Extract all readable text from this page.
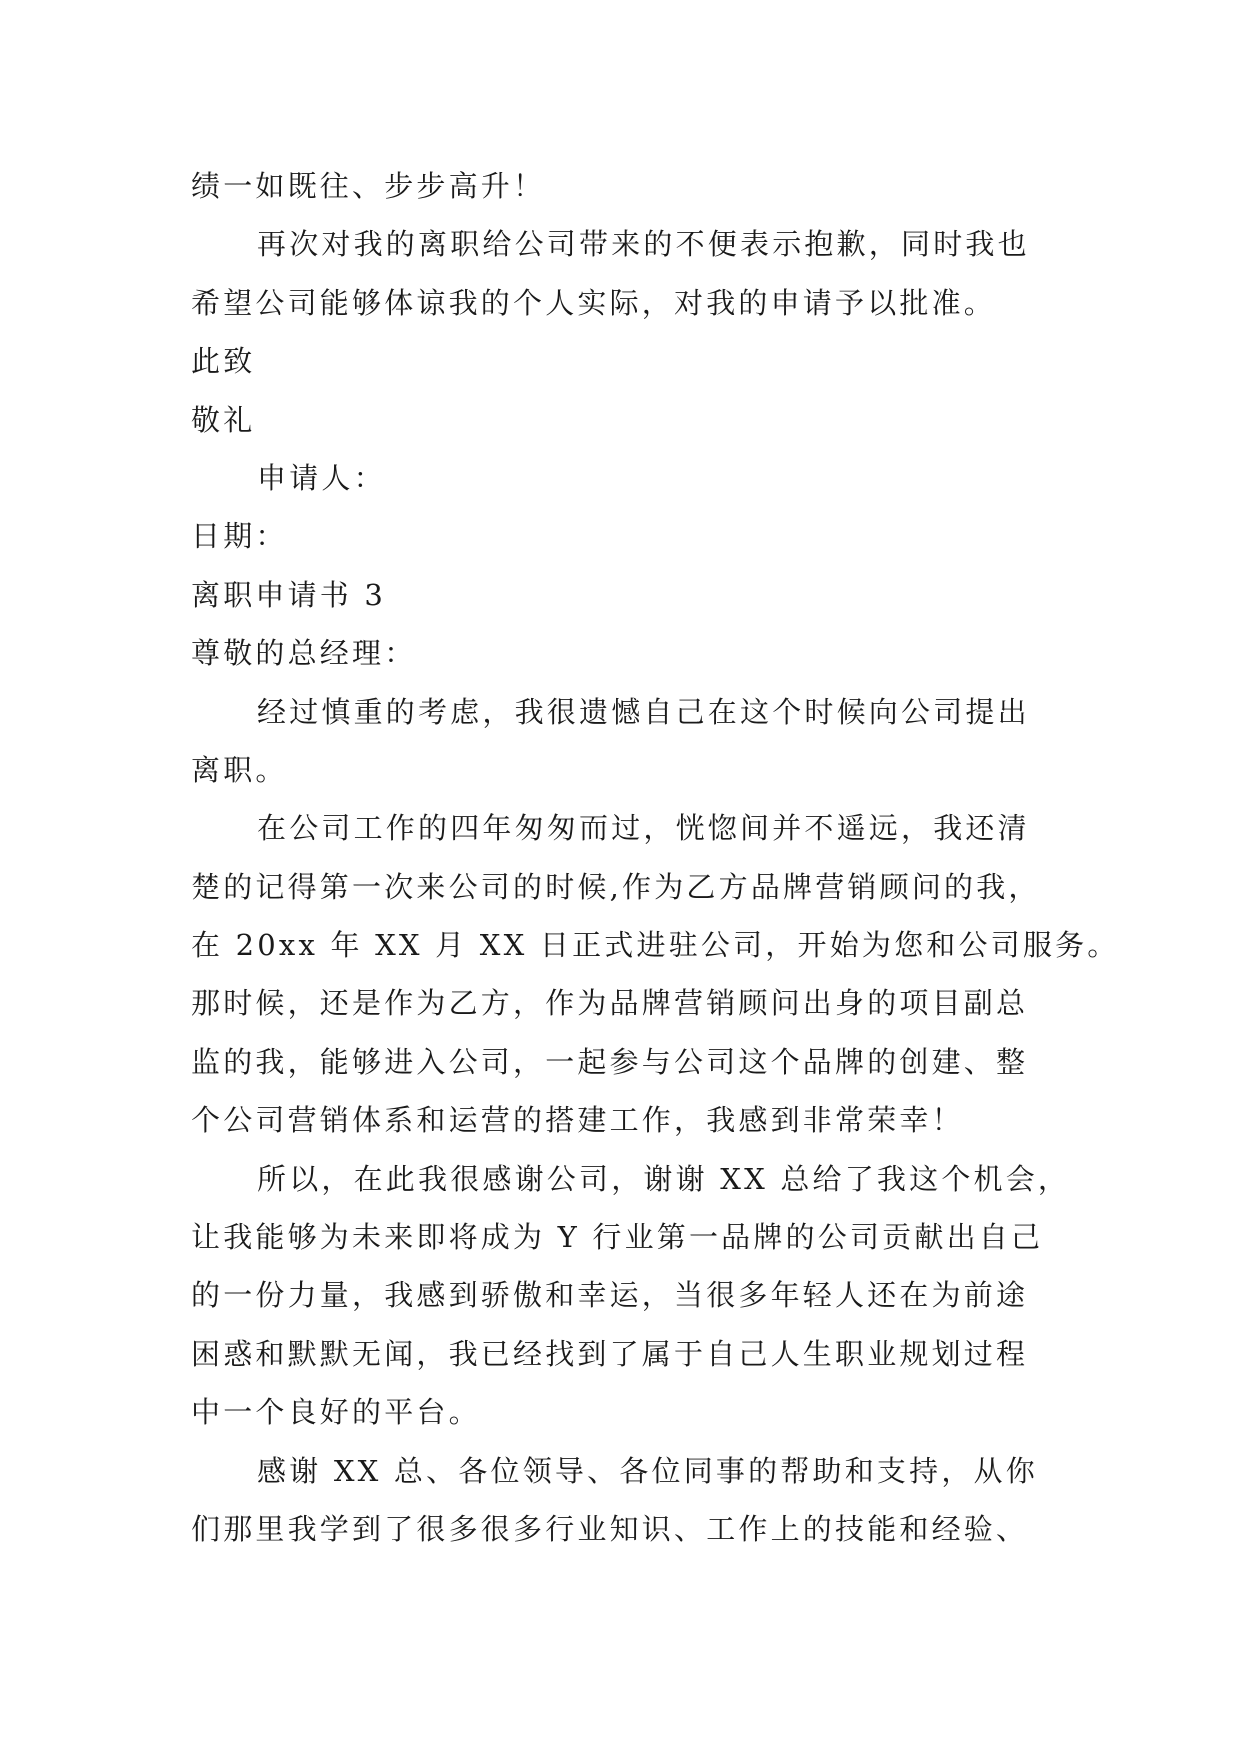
绩一如既往、步步高升！
再次对我的离职给公司带来的不便表示抱歉，同时我也
希望公司能够体谅我的个人实际，对我的申请予以批准。
此致
敬礼
申请人：
日期：
离职申请书 3
尊敬的总经理：
经过慎重的考虑，我很遗憾自己在这个时候向公司提出
离职。
在公司工作的四年匆匆而过，恍惚间并不遥远，我还清
楚的记得第一次来公司的时候,作为乙方品牌营销顾问的我，
在 20xx 年 XX 月 XX 日正式进驻公司，开始为您和公司服务。
那时候，还是作为乙方，作为品牌营销顾问出身的项目副总
监的我，能够进入公司，一起参与公司这个品牌的创建、整
个公司营销体系和运营的搭建工作，我感到非常荣幸！
所以，在此我很感谢公司，谢谢 XX 总给了我这个机会，
让我能够为未来即将成为 Y 行业第一品牌的公司贡献出自己
的一份力量，我感到骄傲和幸运，当很多年轻人还在为前途
困惑和默默无闻，我已经找到了属于自己人生职业规划过程
中一个良好的平台。
感谢 XX 总、各位领导、各位同事的帮助和支持，从你
们那里我学到了很多很多行业知识、工作上的技能和经验、
